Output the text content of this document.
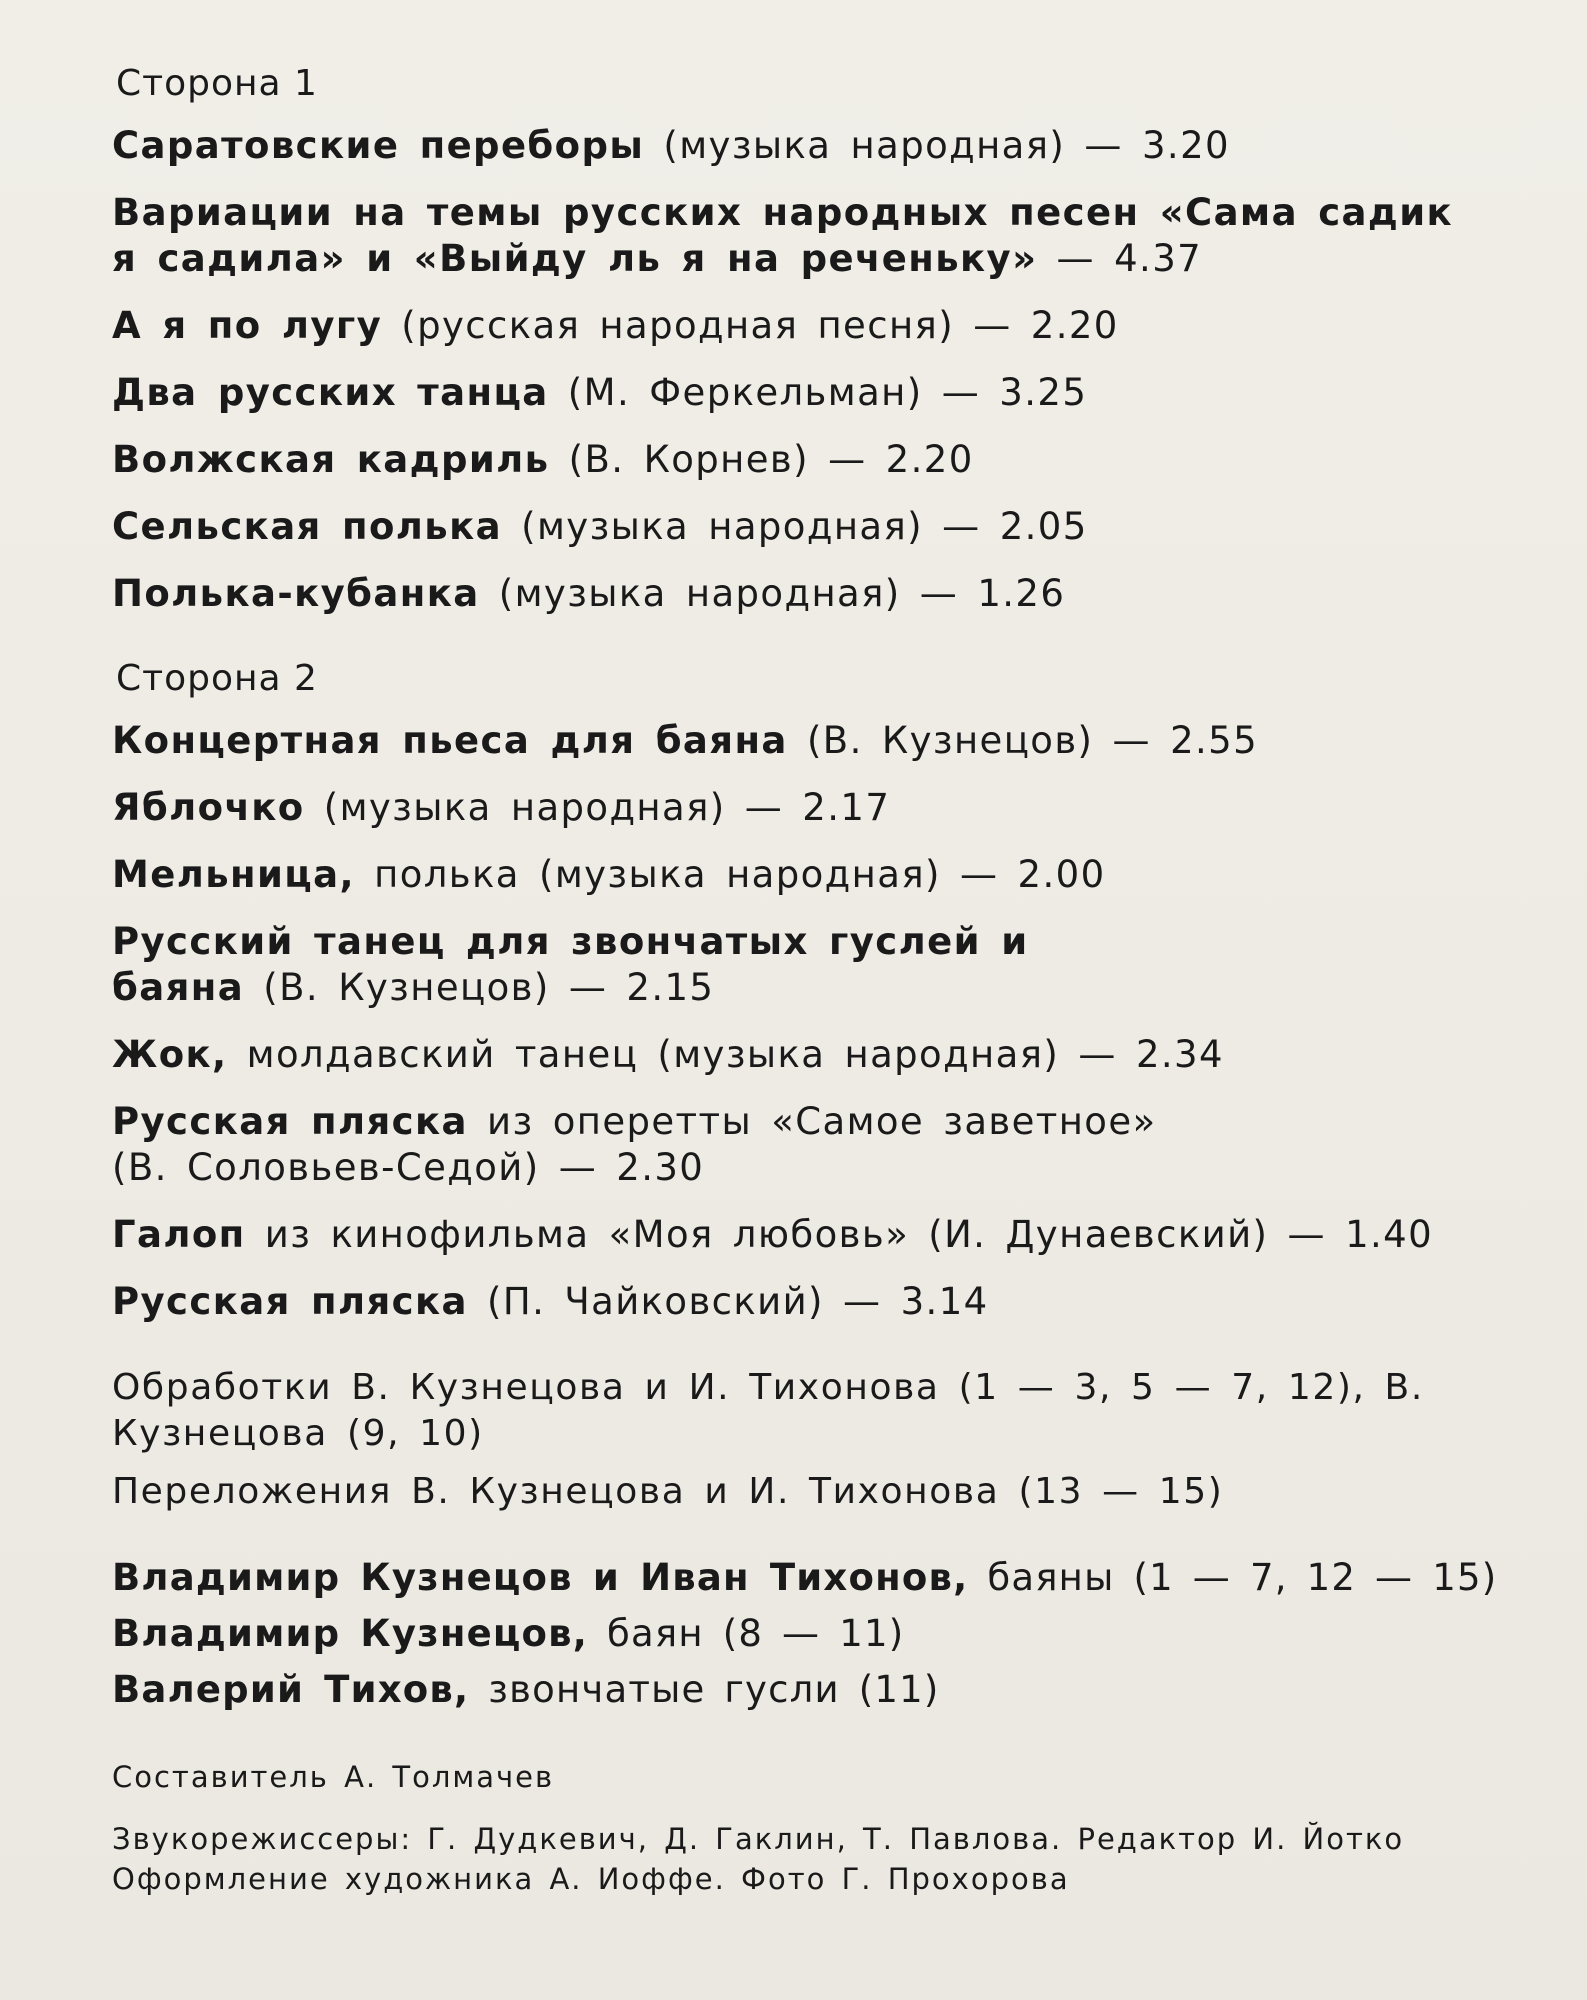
Сторона 1
Саратовские переборы (музыка народная) — 3.20
Вариации на темы русских народных песен «Сама садик я садила» и «Выйду ль я на реченьку» — 4.37
А я по лугу (русская народная песня) — 2.20
Два русских танца (М. Феркельман) — 3.25
Волжская кадриль (В. Корнев) — 2.20
Сельская полька (музыка народная) — 2.05
Полька-кубанка (музыка народная) — 1.26
Сторона 2
Концертная пьеса для баяна (В. Кузнецов) — 2.55
Яблочко (музыка народная) — 2.17
Мельница, полька (музыка народная) — 2.00
Русский танец для звончатых гуслей и баяна (В. Кузнецов) — 2.15
Жок, молдавский танец (музыка народная) — 2.34
Русская пляска из оперетты «Самое заветное» (В. Соловьев-Седой) — 2.30
Галоп из кинофильма «Моя любовь» (И. Дунаевский) — 1.40
Русская пляска (П. Чайковский) — 3.14
Обработки В. Кузнецова и И. Тихонова (1 — 3, 5 — 7, 12), В. Кузнецова (9, 10)
Переложения В. Кузнецова и И. Тихонова (13 — 15)
Владимир Кузнецов и Иван Тихонов, баяны (1 — 7, 12 — 15)
Владимир Кузнецов, баян (8 — 11)
Валерий Тихов, звончатые гусли (11)
Составитель А. Толмачев
Звукорежиссеры: Г. Дудкевич, Д. Гаклин, Т. Павлова. Редактор И. Йотко
Оформление художника А. Иоффе. Фото Г. Прохорова
